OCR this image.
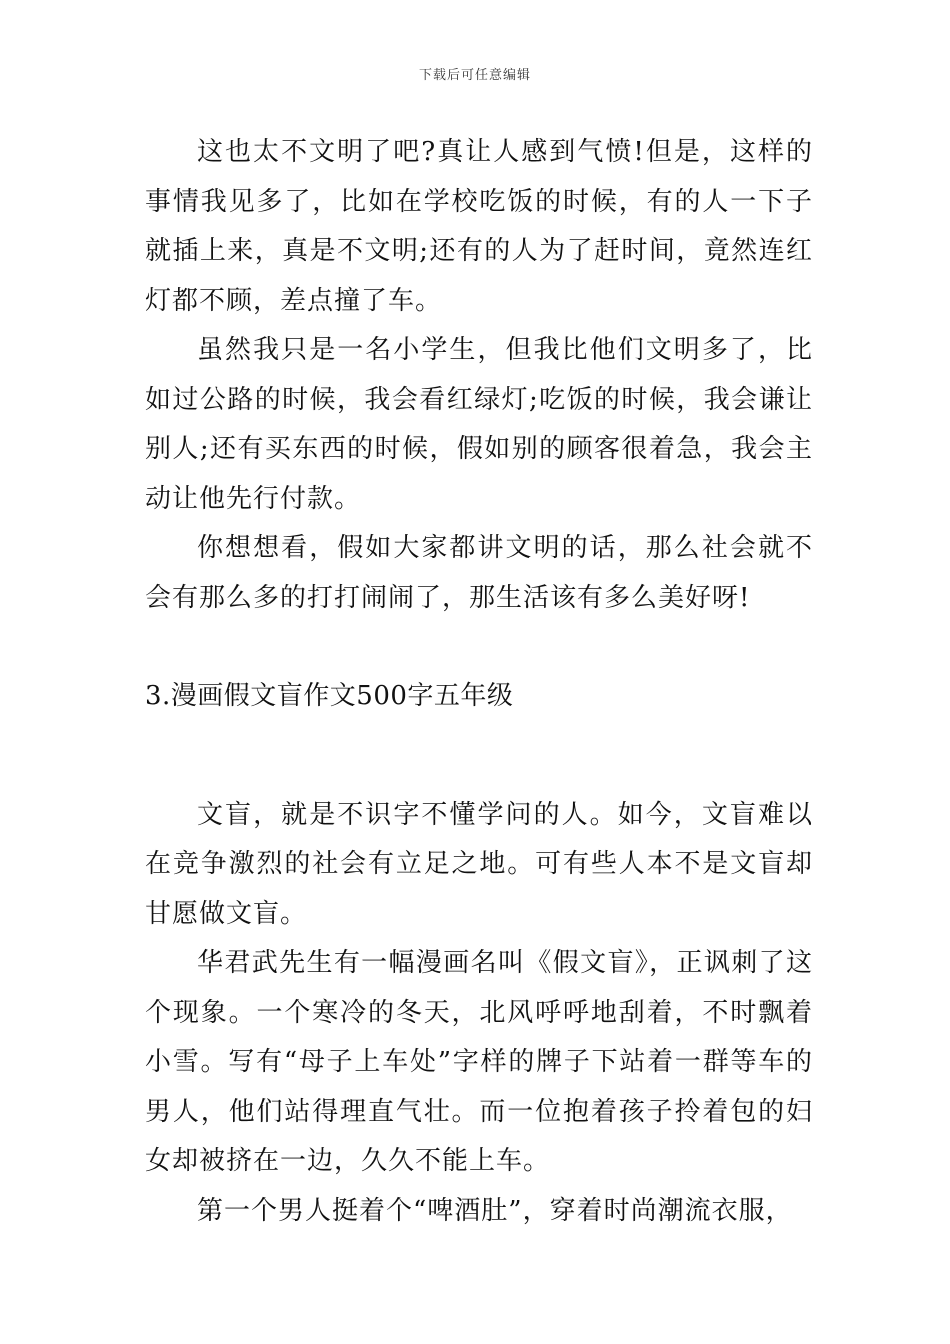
下载后可任意编辑

这也太不文明了吧?真让人感到气愤!但是，这样的事情我见多了，比如在学校吃饭的时候，有的人一下子就插上来，真是不文明;还有的人为了赶时间，竟然连红灯都不顾，差点撞了车。

虽然我只是一名小学生，但我比他们文明多了，比如过公路的时候，我会看红绿灯;吃饭的时候，我会谦让别人;还有买东西的时候，假如别的顾客很着急，我会主动让他先行付款。

你想想看，假如大家都讲文明的话，那么社会就不会有那么多的打打闹闹了，那生活该有多么美好呀!

3.漫画假文盲作文500字五年级

文盲，就是不识字不懂学问的人。如今，文盲难以在竞争激烈的社会有立足之地。可有些人本不是文盲却甘愿做文盲。

华君武先生有一幅漫画名叫《假文盲》，正讽刺了这个现象。一个寒冷的冬天，北风呼呼地刮着，不时飘着小雪。写有“母子上车处”字样的牌子下站着一群等车的男人，他们站得理直气壮。而一位抱着孩子拎着包的妇女却被挤在一边，久久不能上车。

第一个男人挺着个“啤酒肚”，穿着时尚潮流衣服，
